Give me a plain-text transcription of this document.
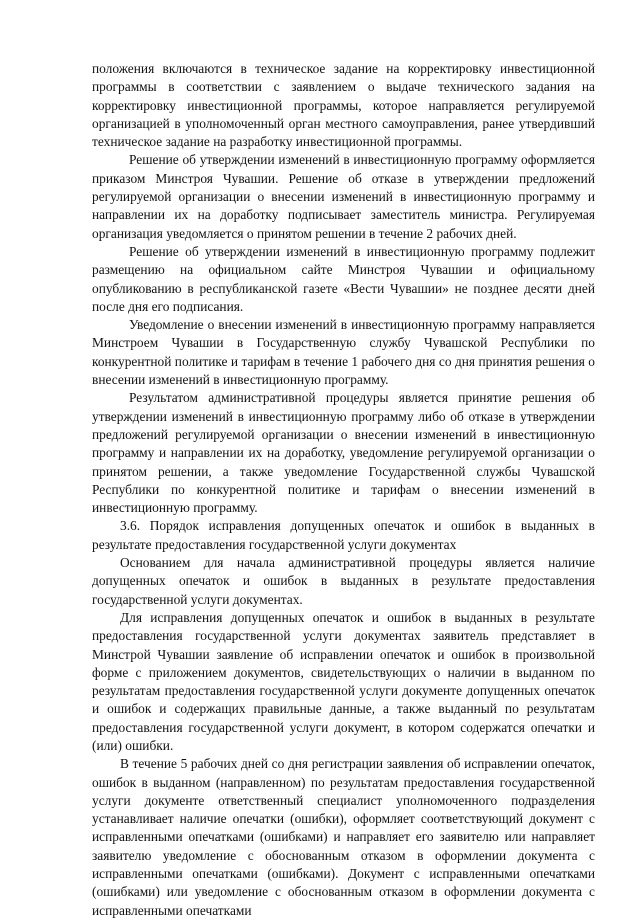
положения включаются в техническое задание на корректировку инвестиционной программы в соответствии с заявлением о выдаче технического задания на корректировку инвестиционной программы, которое направляется регулируемой организацией в уполномоченный орган местного самоуправления, ранее утвердивший техническое задание на разработку инвестиционной программы.

Решение об утверждении изменений в инвестиционную программу оформляется приказом Минстроя Чувашии. Решение об отказе в утверждении предложений регулируемой организации о внесении изменений в инвестиционную программу и направлении их на доработку подписывает заместитель министра. Регулируемая организация уведомляется о принятом решении в течение 2 рабочих дней.

Решение об утверждении изменений в инвестиционную программу подлежит размещению на официальном сайте Минстроя Чувашии и официальному опубликованию в республиканской газете «Вести Чувашии» не позднее десяти дней после дня его подписания.

Уведомление о внесении изменений в инвестиционную программу направляется Минстроем Чувашии в Государственную службу Чувашской Республики по конкурентной политике и тарифам в течение 1 рабочего дня со дня принятия решения о внесении изменений в инвестиционную программу.

Результатом административной процедуры является принятие решения об утверждении изменений в инвестиционную программу либо об отказе в утверждении предложений регулируемой организации о внесении изменений в инвестиционную программу и направлении их на доработку, уведомление регулируемой организации о принятом решении, а также уведомление Государственной службы Чувашской Республики по конкурентной политике и тарифам о внесении изменений в инвестиционную программу.

3.6. Порядок исправления допущенных опечаток и ошибок в выданных в результате предоставления государственной услуги документах

Основанием для начала административной процедуры является наличие допущенных опечаток и ошибок в выданных в результате предоставления государственной услуги документах.

Для исправления допущенных опечаток и ошибок в выданных в результате предоставления государственной услуги документах заявитель представляет в Минстрой Чувашии заявление об исправлении опечаток и ошибок в произвольной форме с приложением документов, свидетельствующих о наличии в выданном по результатам предоставления государственной услуги документе допущенных опечаток и ошибок и содержащих правильные данные, а также выданный по результатам предоставления государственной услуги документ, в котором содержатся опечатки и (или) ошибки.

В течение 5 рабочих дней со дня регистрации заявления об исправлении опечаток, ошибок в выданном (направленном) по результатам предоставления государственной услуги документе ответственный специалист уполномоченного подразделения устанавливает наличие опечатки (ошибки), оформляет соответствующий документ с исправленными опечатками (ошибками) и направляет его заявителю или направляет заявителю уведомление с обоснованным отказом в оформлении документа с исправленными опечатками (ошибками). Документ с исправленными опечатками (ошибками) или уведомление с обоснованным отказом в оформлении документа с исправленными опечатками
